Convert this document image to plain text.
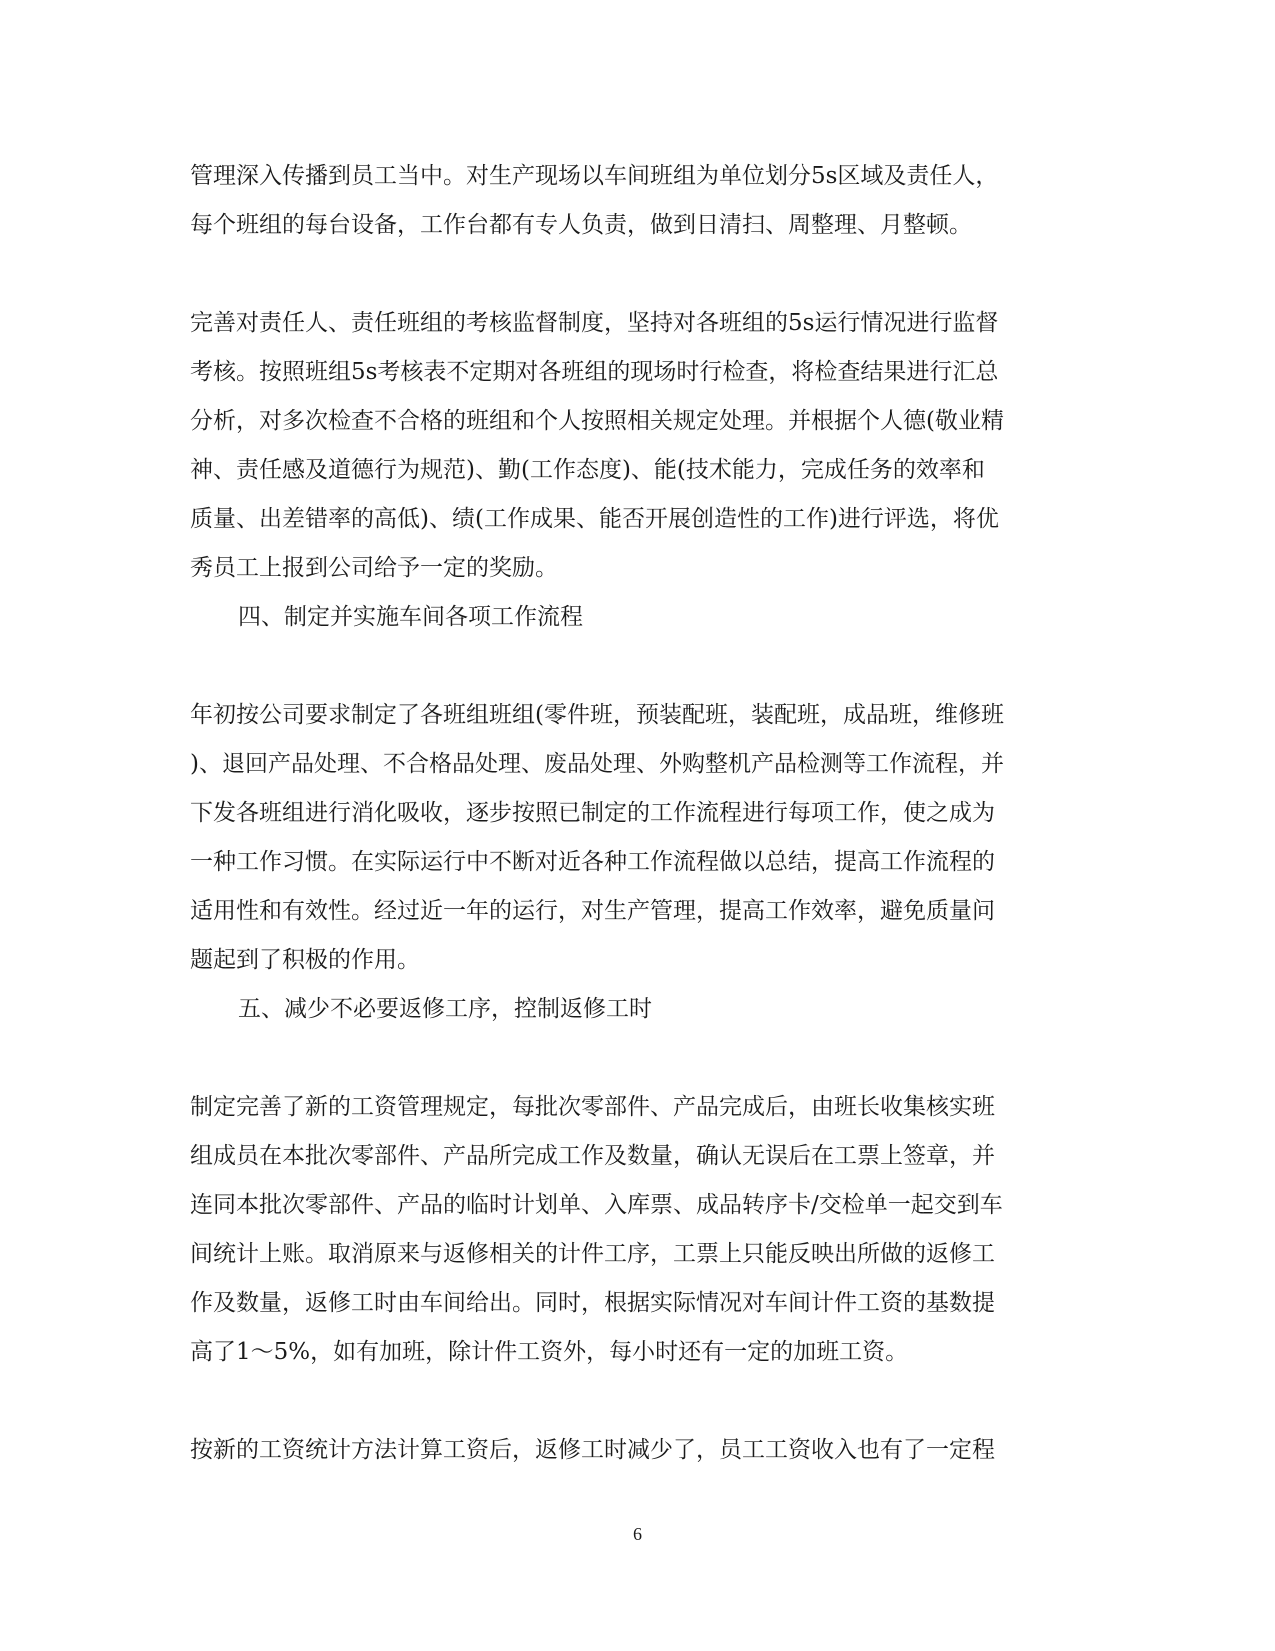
管理深入传播到员工当中。对生产现场以车间班组为单位划分5s区域及责任人，
每个班组的每台设备，工作台都有专人负责，做到日清扫、周整理、月整顿。
完善对责任人、责任班组的考核监督制度，坚持对各班组的5s运行情况进行监督
考核。按照班组5s考核表不定期对各班组的现场时行检查，将检查结果进行汇总
分析，对多次检查不合格的班组和个人按照相关规定处理。并根据个人德(敬业精
神、责任感及道德行为规范)、勤(工作态度)、能(技术能力，完成任务的效率和
质量、出差错率的高低)、绩(工作成果、能否开展创造性的工作)进行评选，将优
秀员工上报到公司给予一定的奖励。
四、制定并实施车间各项工作流程
年初按公司要求制定了各班组班组(零件班，预装配班，装配班，成品班，维修班
)、退回产品处理、不合格品处理、废品处理、外购整机产品检测等工作流程，并
下发各班组进行消化吸收，逐步按照已制定的工作流程进行每项工作，使之成为
一种工作习惯。在实际运行中不断对近各种工作流程做以总结，提高工作流程的
适用性和有效性。经过近一年的运行，对生产管理，提高工作效率，避免质量问
题起到了积极的作用。
五、减少不必要返修工序，控制返修工时
制定完善了新的工资管理规定，每批次零部件、产品完成后，由班长收集核实班
组成员在本批次零部件、产品所完成工作及数量，确认无误后在工票上签章，并
连同本批次零部件、产品的临时计划单、入库票、成品转序卡/交检单一起交到车
间统计上账。取消原来与返修相关的计件工序，工票上只能反映出所做的返修工
作及数量，返修工时由车间给出。同时，根据实际情况对车间计件工资的基数提
高了1～5%，如有加班，除计件工资外，每小时还有一定的加班工资。
按新的工资统计方法计算工资后，返修工时减少了，员工工资收入也有了一定程
6
